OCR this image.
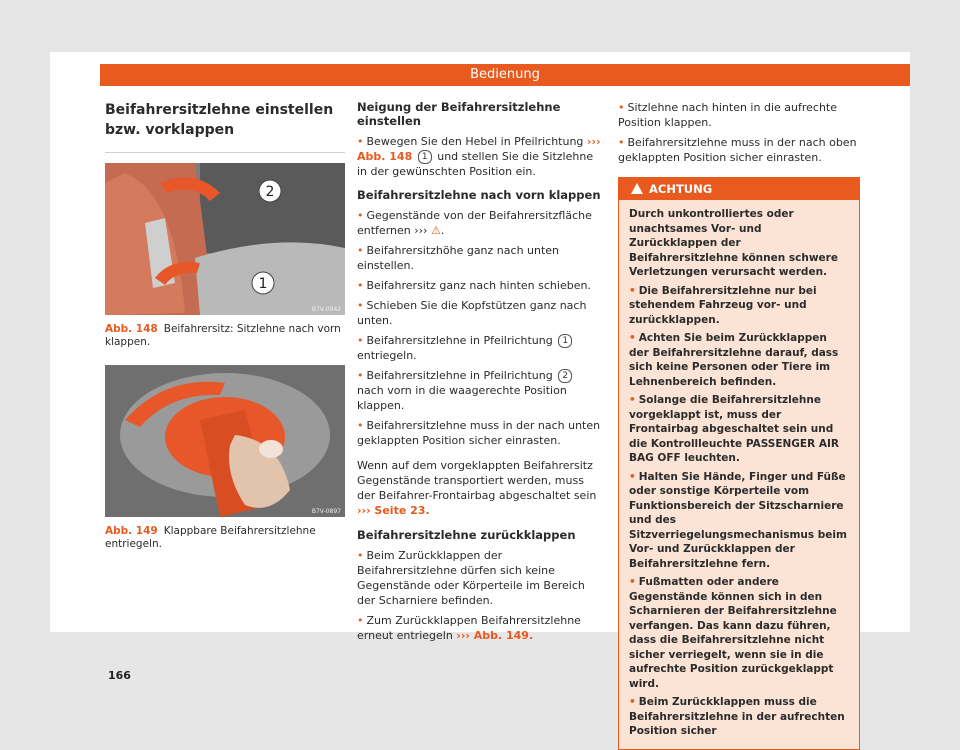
Bedienung
Beifahrersitzlehne einstellen bzw. vorklappen
2
1
B7V-0942
Abb. 148 Beifahrersitz: Sitzlehne nach vorn klappen.
B7V-0897
Abb. 149 Klappbare Beifahrersitzlehne entriegeln.
Neigung der Beifahrersitzlehne einstellen
• Bewegen Sie den Hebel in Pfeilrichtung ››› Abb. 148 1 und stellen Sie die Sitzlehne in der gewünschten Position ein.
Beifahrersitzlehne nach vorn klappen
• Gegenstände von der Beifahrersitzfläche entfernen ››› ⚠.
• Beifahrersitzhöhe ganz nach unten einstellen.
• Beifahrersitz ganz nach hinten schieben.
• Schieben Sie die Kopfstützen ganz nach unten.
• Beifahrersitzlehne in Pfeilrichtung 1 entriegeln.
• Beifahrersitzlehne in Pfeilrichtung 2 nach vorn in die waagerechte Position klappen.
• Beifahrersitzlehne muss in der nach unten geklappten Position sicher einrasten.

Wenn auf dem vorgeklappten Beifahrersitz Gegenstände transportiert werden, muss der Beifahrer-Frontairbag abgeschaltet sein ››› Seite 23.

Beifahrersitzlehne zurückklappen
• Beim Zurückklappen der Beifahrersitzlehne dürfen sich keine Gegenstände oder Körperteile im Bereich der Scharniere befinden.
• Zum Zurückklappen Beifahrersitzlehne erneut entriegeln ››› Abb. 149.
• Sitzlehne nach hinten in die aufrechte Position klappen.
• Beifahrersitzlehne muss in der nach oben geklappten Position sicher einrasten.
ACHTUNG
Durch unkontrolliertes oder unachtsames Vor- und Zurückklappen der Beifahrersitzlehne können schwere Verletzungen verursacht werden.
• Die Beifahrersitzlehne nur bei stehendem Fahrzeug vor- und zurückklappen.
• Achten Sie beim Zurückklappen der Beifahrersitzlehne darauf, dass sich keine Personen oder Tiere im Lehnenbereich befinden.
• Solange die Beifahrersitzlehne vorgeklappt ist, muss der Frontairbag abgeschaltet sein und die Kontrollleuchte PASSENGER AIR BAG OFF leuchten.
• Halten Sie Hände, Finger und Füße oder sonstige Körperteile vom Funktionsbereich der Sitzscharniere und des Sitzverriegelungsmechanismus beim Vor- und Zurückklappen der Beifahrersitzlehne fern.
• Fußmatten oder andere Gegenstände können sich in den Scharnieren der Beifahrersitzlehne verfangen. Das kann dazu führen, dass die Beifahrersitzlehne nicht sicher verriegelt, wenn sie in die aufrechte Position zurückgeklappt wird.
• Beim Zurückklappen muss die Beifahrersitzlehne in der aufrechten Position sicher
166
